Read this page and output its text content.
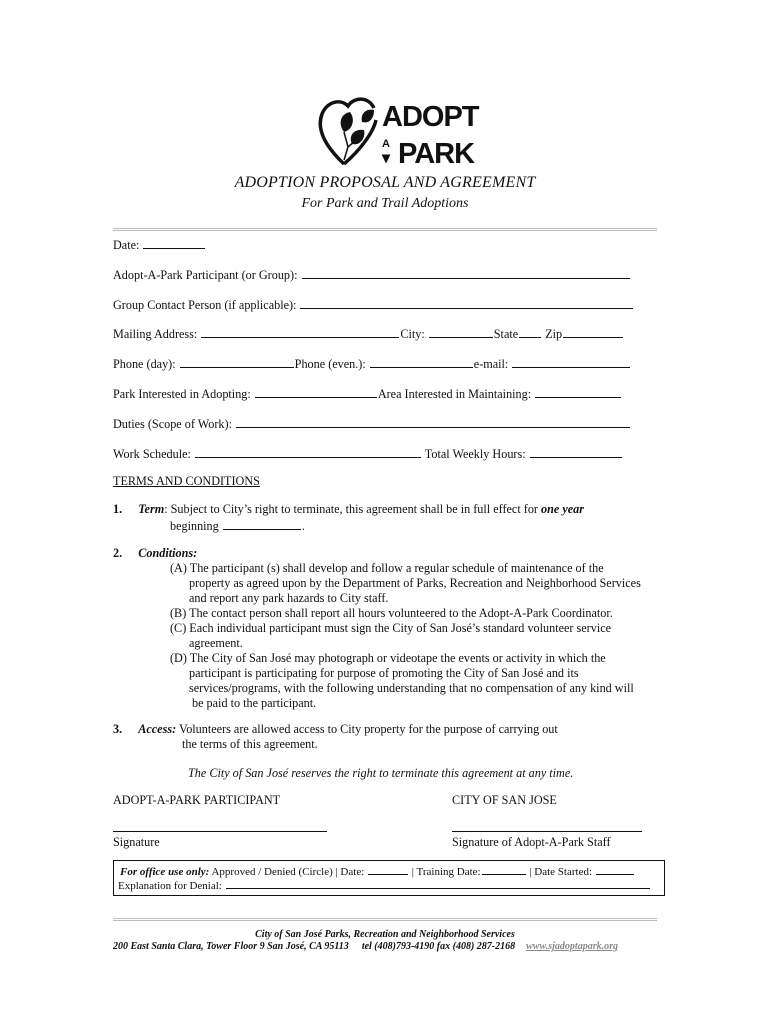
ADOPT
A
▾ PARK
ADOPTION PROPOSAL AND AGREEMENT
For Park and Trail Adoptions
Date:
Adopt-A-Park Participant (or Group):
Group Contact Person (if applicable):
Mailing Address:	City:	State Zip
Phone (day):	Phone (even.):	e-mail:
Park Interested in Adopting:	Area Interested in Maintaining:
Duties (Scope of Work):
Work Schedule:	Total Weekly Hours:
TERMS AND CONDITIONS
1. Term: Subject to City’s right to terminate, this agreement shall be in full effect for one year
beginning	.
2. Conditions:
(A) The participant (s) shall develop and follow a regular schedule of maintenance of the
property as agreed upon by the Department of Parks, Recreation and Neighborhood Services
and report any park hazards to City staff.
(B) The contact person shall report all hours volunteered to the Adopt-A-Park Coordinator.
(C) Each individual participant must sign the City of San José’s standard volunteer service
agreement.
(D) The City of San José may photograph or videotape the events or activity in which the
participant is participating for purpose of promoting the City of San José and its
services/programs, with the following understanding that no compensation of any kind will
be paid to the participant.
3. Access: Volunteers are allowed access to City property for the purpose of carrying out
the terms of this agreement.
The City of San José reserves the right to terminate this agreement at any time.
ADOPT-A-PARK PARTICIPANT	CITY OF SAN JOSE
Signature	Signature of Adopt-A-Park Staff
For office use only: Approved / Denied (Circle) | Date:	| Training Date:	| Date Started:
Explanation for Denial:
City of San José Parks, Recreation and Neighborhood Services
200 East Santa Clara, Tower Floor 9 San José, CA 95113 tel (408)793-4190 fax (408) 287-2168 www.sjadoptapark.org
